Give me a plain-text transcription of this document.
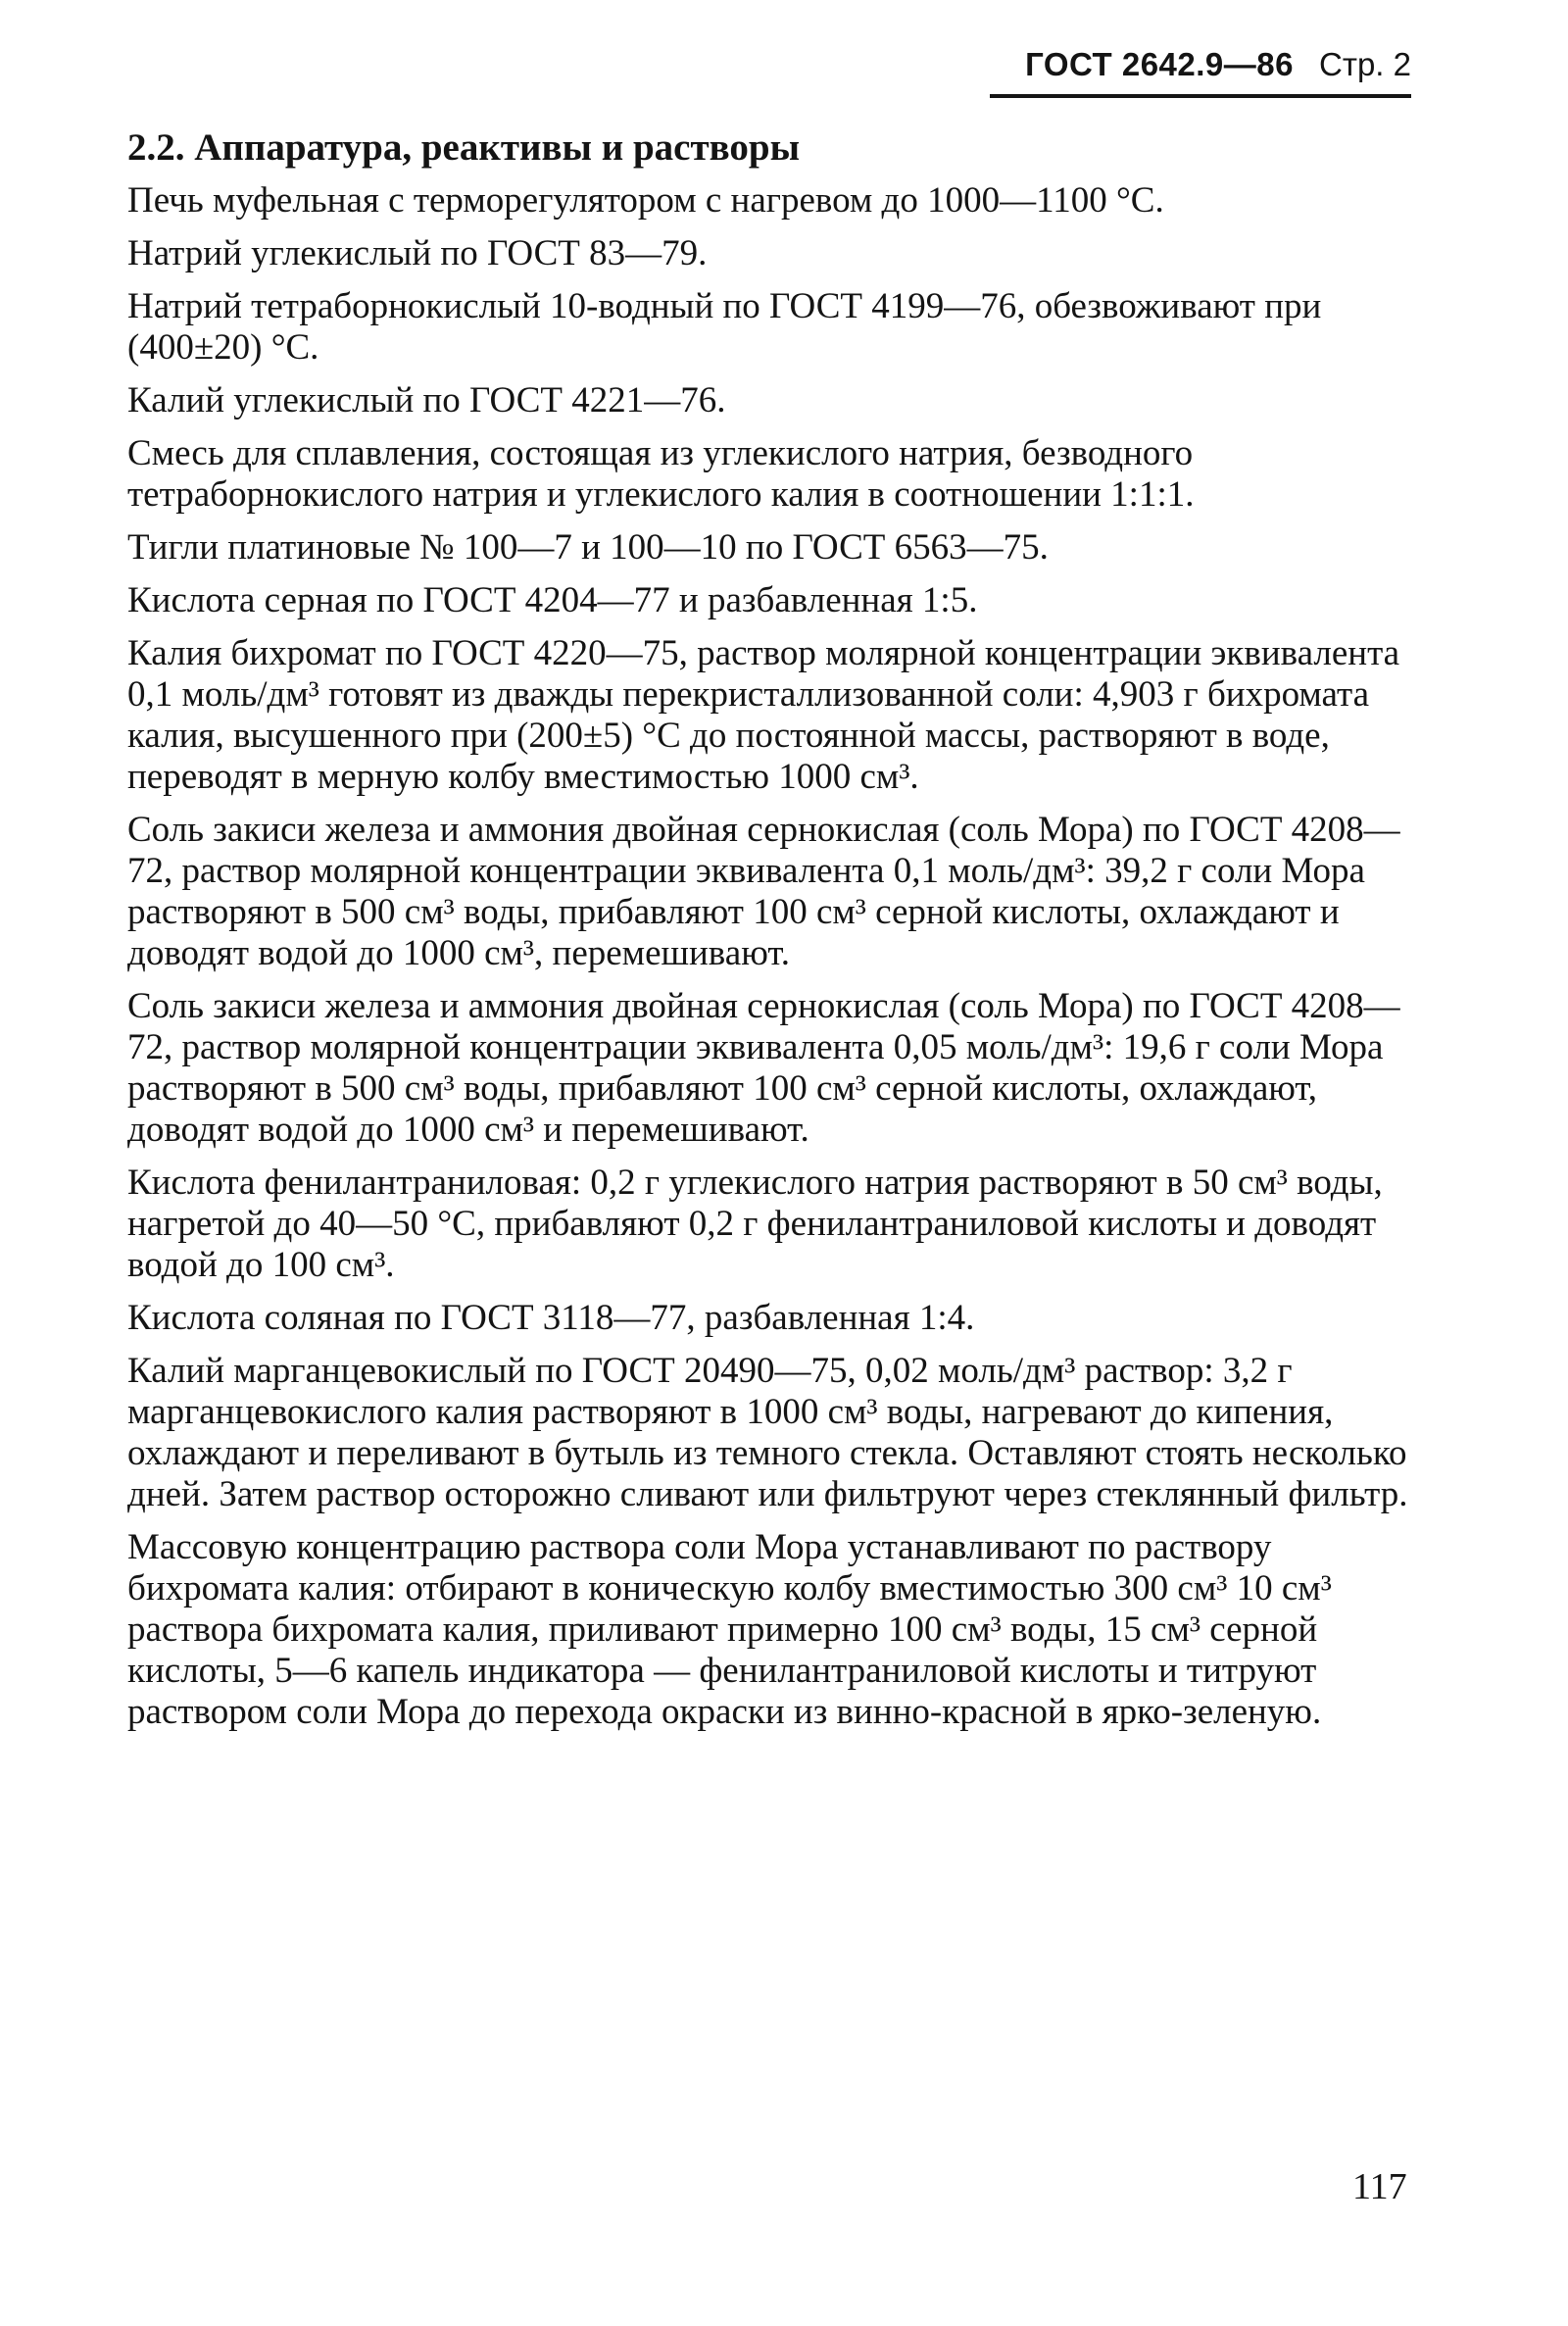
ГОСТ 2642.9—86 Стр. 2
2.2. Аппаратура, реактивы и растворы

Печь муфельная с терморегулятором с нагревом до 1000—1100 °С.

Натрий углекислый по ГОСТ 83—79.

Натрий тетраборнокислый 10-водный по ГОСТ 4199—76, обезвоживают при (400±20) °С.

Калий углекислый по ГОСТ 4221—76.

Смесь для сплавления, состоящая из углекислого натрия, безводного тетраборнокислого натрия и углекислого калия в соотношении 1:1:1.

Тигли платиновые № 100—7 и 100—10 по ГОСТ 6563—75.

Кислота серная по ГОСТ 4204—77 и разбавленная 1:5.

Калия бихромат по ГОСТ 4220—75, раствор молярной концентрации эквивалента 0,1 моль/дм³ готовят из дважды перекристаллизованной соли: 4,903 г бихромата калия, высушенного при (200±5) °С до постоянной массы, растворяют в воде, переводят в мерную колбу вместимостью 1000 см³.

Соль закиси железа и аммония двойная сернокислая (соль Мора) по ГОСТ 4208—72, раствор молярной концентрации эквивалента 0,1 моль/дм³: 39,2 г соли Мора растворяют в 500 см³ воды, прибавляют 100 см³ серной кислоты, охлаждают и доводят водой до 1000 см³, перемешивают.

Соль закиси железа и аммония двойная сернокислая (соль Мора) по ГОСТ 4208—72, раствор молярной концентрации эквивалента 0,05 моль/дм³: 19,6 г соли Мора растворяют в 500 см³ воды, прибавляют 100 см³ серной кислоты, охлаждают, доводят водой до 1000 см³ и перемешивают.

Кислота фенилантраниловая: 0,2 г углекислого натрия растворяют в 50 см³ воды, нагретой до 40—50 °С, прибавляют 0,2 г фенилантраниловой кислоты и доводят водой до 100 см³.

Кислота соляная по ГОСТ 3118—77, разбавленная 1:4.

Калий марганцевокислый по ГОСТ 20490—75, 0,02 моль/дм³ раствор: 3,2 г марганцевокислого калия растворяют в 1000 см³ воды, нагревают до кипения, охлаждают и переливают в бутыль из темного стекла. Оставляют стоять несколько дней. Затем раствор осторожно сливают или фильтруют через стеклянный фильтр.

Массовую концентрацию раствора соли Мора устанавливают по раствору бихромата калия: отбирают в коническую колбу вместимостью 300 см³ 10 см³ раствора бихромата калия, приливают примерно 100 см³ воды, 15 см³ серной кислоты, 5—6 капель индикатора — фенилантраниловой кислоты и титруют раствором соли Мора до перехода окраски из винно-красной в ярко-зеленую.

117
